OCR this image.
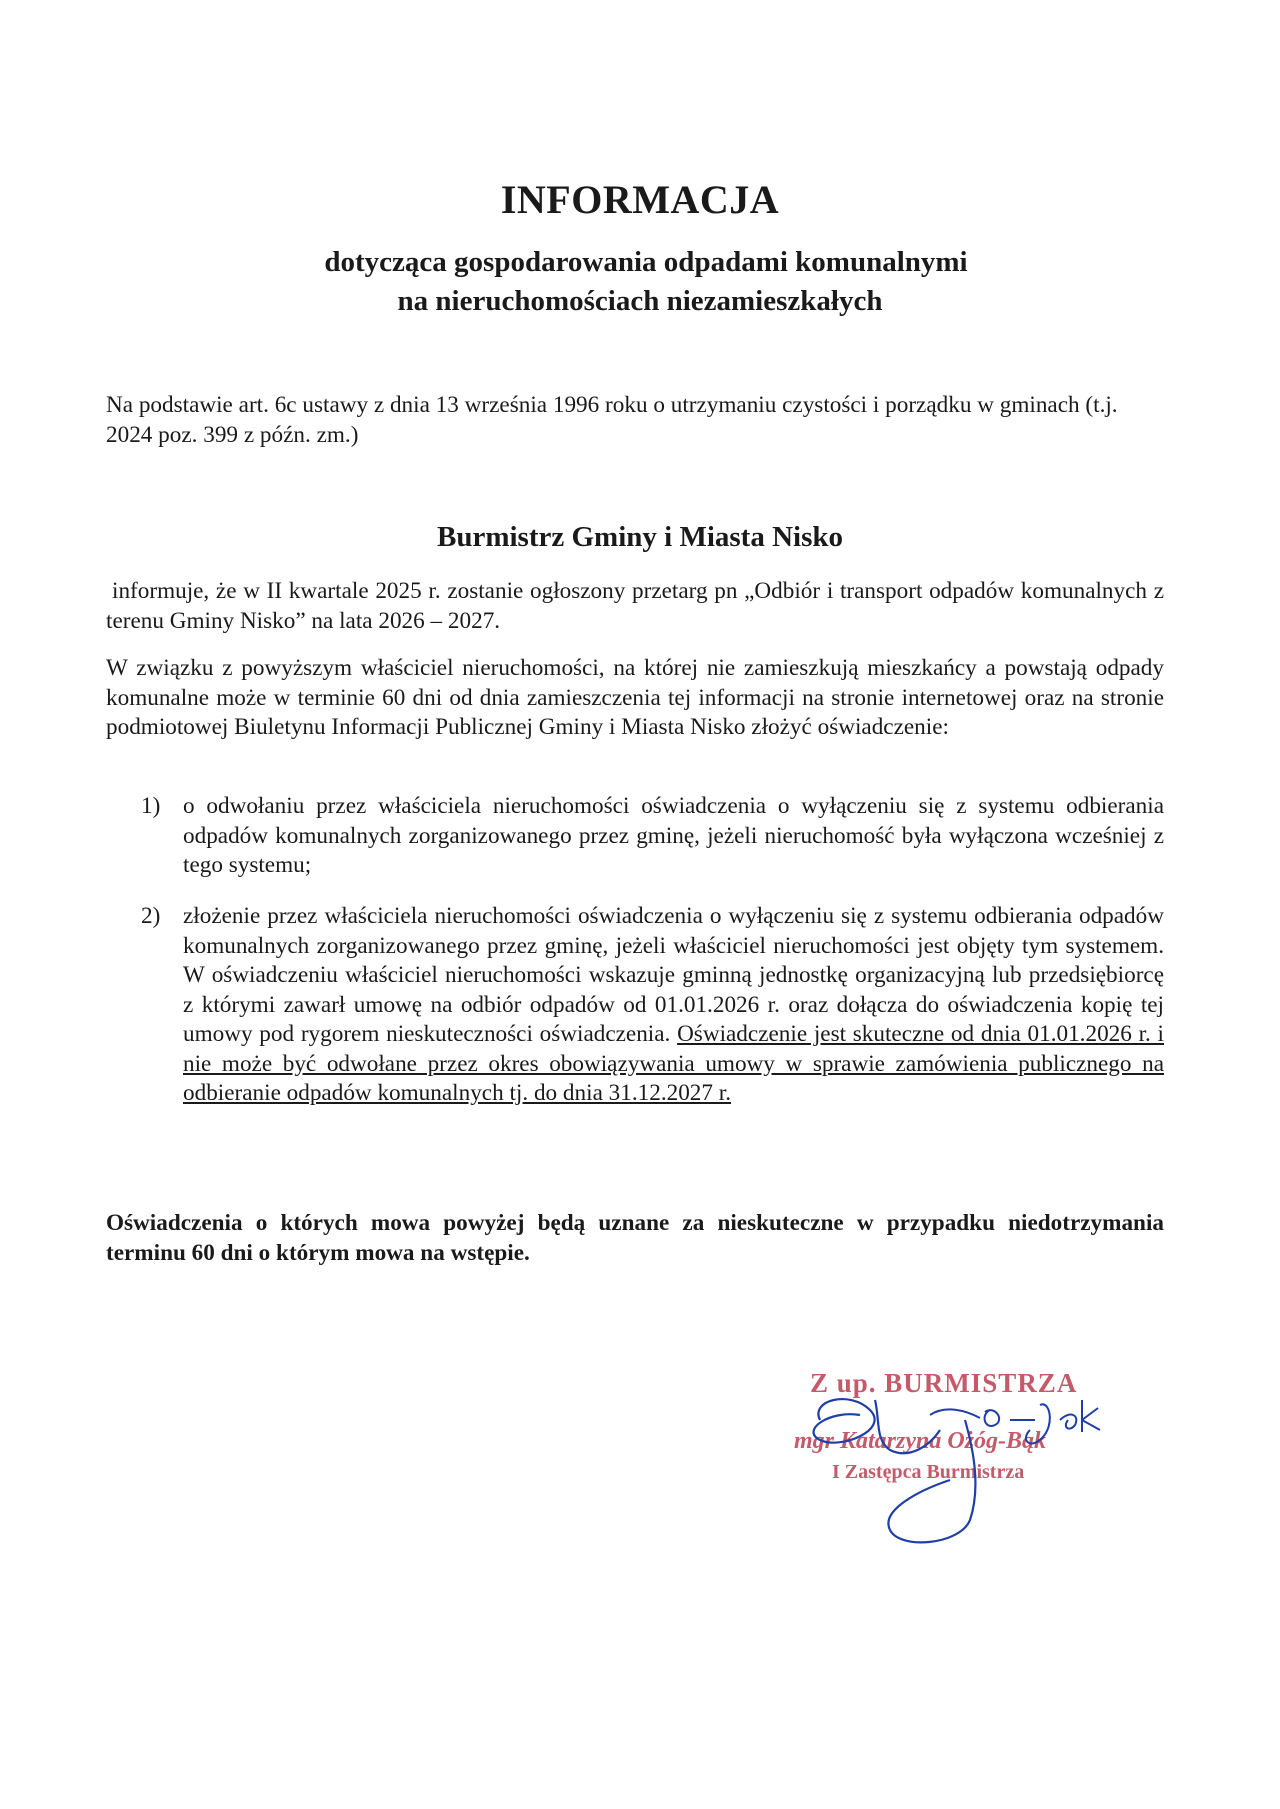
INFORMACJA
dotycząca gospodarowania odpadami komunalnymi
na nieruchomościach niezamieszkałych
Na podstawie art. 6c ustawy z dnia 13 września 1996 roku o utrzymaniu czystości i porządku w gminach (t.j. 2024 poz. 399 z późn. zm.)
Burmistrz Gminy i Miasta Nisko
informuje, że w II kwartale 2025 r. zostanie ogłoszony przetarg pn „Odbiór i transport odpadów komunalnych z terenu Gminy Nisko” na lata 2026 – 2027.
W związku z powyższym właściciel nieruchomości, na której nie zamieszkują mieszkańcy a powstają odpady komunalne może w terminie 60 dni od dnia zamieszczenia tej informacji na stronie internetowej oraz na stronie podmiotowej Biuletynu Informacji Publicznej Gminy i Miasta Nisko złożyć oświadczenie:
1) o odwołaniu przez właściciela nieruchomości oświadczenia o wyłączeniu się z systemu odbierania odpadów komunalnych zorganizowanego przez gminę, jeżeli nieruchomość była wyłączona wcześniej z tego systemu;
2) złożenie przez właściciela nieruchomości oświadczenia o wyłączeniu się z systemu odbierania odpadów komunalnych zorganizowanego przez gminę, jeżeli właściciel nieruchomości jest objęty tym systemem. W oświadczeniu właściciel nieruchomości wskazuje gminną jednostkę organizacyjną lub przedsiębiorcę z którymi zawarł umowę na odbiór odpadów od 01.01.2026 r. oraz dołącza do oświadczenia kopię tej umowy pod rygorem nieskuteczności oświadczenia. Oświadczenie jest skuteczne od dnia 01.01.2026 r. i nie może być odwołane przez okres obowiązywania umowy w sprawie zamówienia publicznego na odbieranie odpadów komunalnych tj. do dnia 31.12.2027 r.
Oświadczenia o których mowa powyżej będą uznane za nieskuteczne w przypadku niedotrzymania terminu 60 dni o którym mowa na wstępie.
Z up. BURMISTRZA
mgr Katarzyna Ożóg-Bąk
I Zastępca Burmistrza
